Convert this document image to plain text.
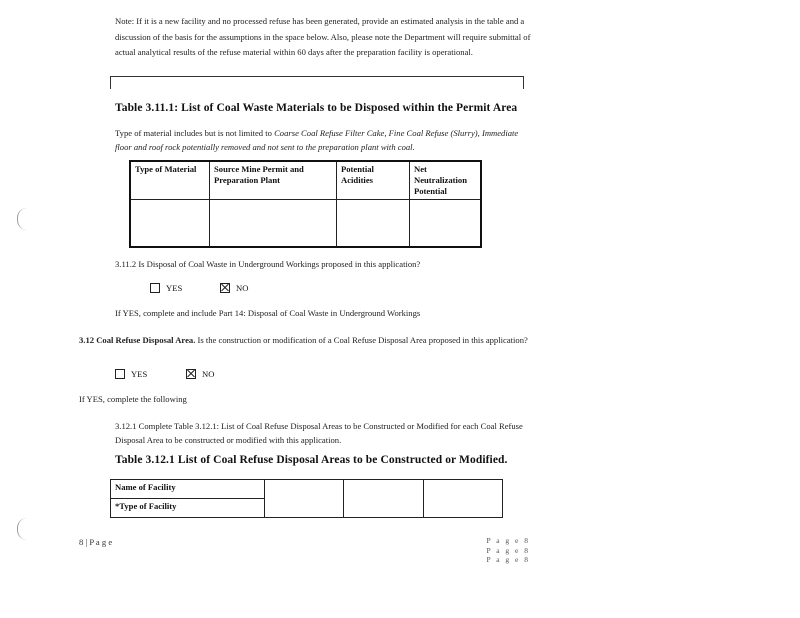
Note: If it is a new facility and no processed refuse has been generated, provide an estimated analysis in the table and a discussion of the basis for the assumptions in the space below. Also, please note the Department will require submittal of actual analytical results of the refuse material within 60 days after the preparation facility is operational.
Table 3.11.1: List of Coal Waste Materials to be Disposed within the Permit Area
Type of material includes but is not limited to Coarse Coal Refuse Filter Cake, Fine Coal Refuse (Slurry), Immediate floor and roof rock potentially removed and not sent to the preparation plant with coal.
Type of Material	Source Mine Permit and Preparation Plant	Potential Acidities	Net Neutralization Potential

3.11.2 Is Disposal of Coal Waste in Underground Workings proposed in this application?
YES	NO
If YES, complete and include Part 14: Disposal of Coal Waste in Underground Workings
3.12 Coal Refuse Disposal Area. Is the construction or modification of a Coal Refuse Disposal Area proposed in this application?
YES	NO
If YES, complete the following
3.12.1 Complete Table 3.12.1: List of Coal Refuse Disposal Areas to be Constructed or Modified for each Coal Refuse Disposal Area to be constructed or modified with this application.
Table 3.12.1 List of Coal Refuse Disposal Areas to be Constructed or Modified.
Name of Facility			
*Type of Facility
8 | P a g e	P a g e 8
P a g e 8
P a g e 8
